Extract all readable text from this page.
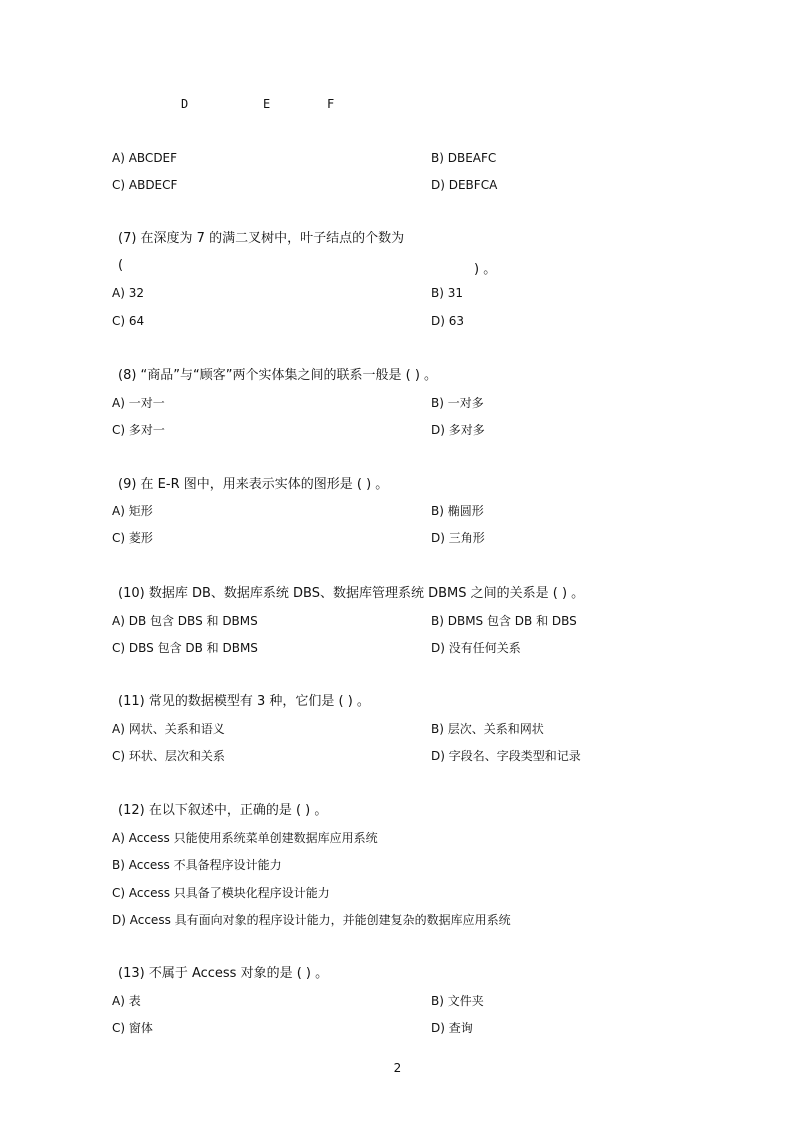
D	E	F
A) ABCDEF	B) DBEAFC
C) ABDECF	D) DEBFCA
(7) 在深度为 7 的满二叉树中，叶子结点的个数为
(	) 。
A) 32	B) 31
C) 64	D) 63
(8) “商品”与“顾客”两个实体集之间的联系一般是 ( ) 。
A) 一对一	B) 一对多
C) 多对一	D) 多对多
(9) 在 E-R 图中，用来表示实体的图形是 ( ) 。
A) 矩形	B) 椭圆形
C) 菱形	D) 三角形
(10) 数据库 DB、数据库系统 DBS、数据库管理系统 DBMS 之间的关系是 ( ) 。
A) DB 包含 DBS 和 DBMS	B) DBMS 包含 DB 和 DBS
C) DBS 包含 DB 和 DBMS	D) 没有任何关系
(11) 常见的数据模型有 3 种，它们是 ( ) 。
A) 网状、关系和语义	B) 层次、关系和网状
C) 环状、层次和关系	D) 字段名、字段类型和记录
(12) 在以下叙述中，正确的是 ( ) 。
A) Access 只能使用系统菜单创建数据库应用系统
B) Access 不具备程序设计能力
C) Access 只具备了模块化程序设计能力
D) Access 具有面向对象的程序设计能力，并能创建复杂的数据库应用系统
(13) 不属于 Access 对象的是 ( ) 。
A) 表	B) 文件夹
C) 窗体	D) 查询
2
